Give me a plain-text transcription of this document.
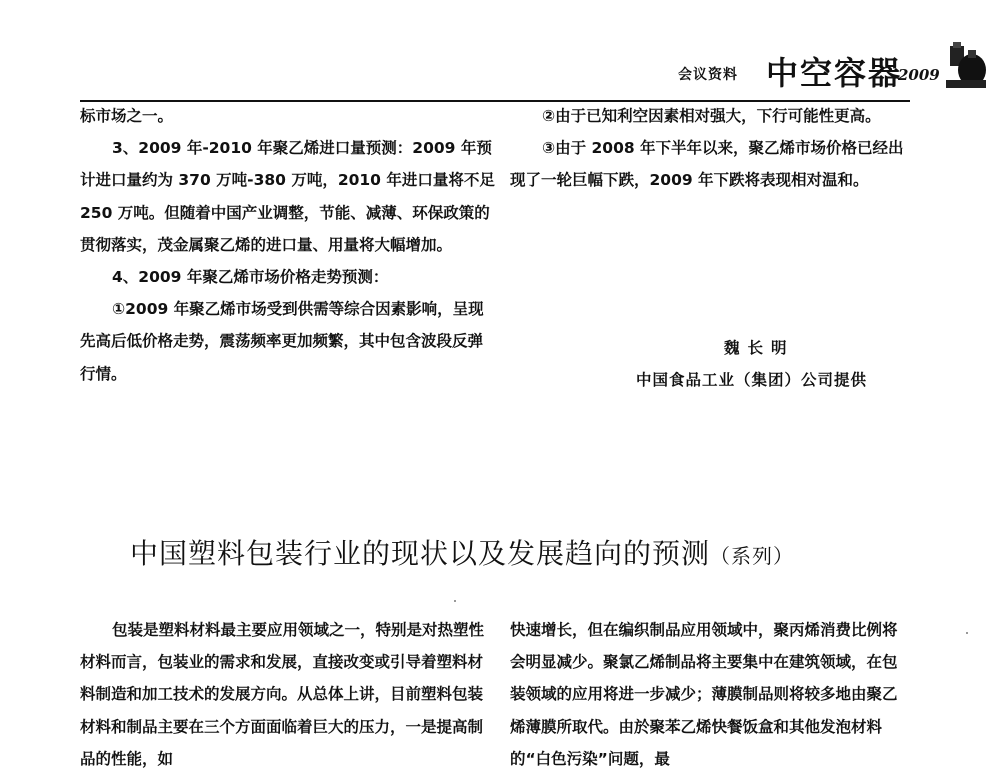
会议资料 中空容器
2009

标市场之一。

3、2009 年-2010 年聚乙烯进口量预测：2009 年预计进口量约为 370 万吨-380 万吨，2010 年进口量将不足 250 万吨。但随着中国产业调整，节能、减薄、环保政策的贯彻落实，茂金属聚乙烯的进口量、用量将大幅增加。

4、2009 年聚乙烯市场价格走势预测：

①2009 年聚乙烯市场受到供需等综合因素影响，呈现先高后低价格走势，震荡频率更加频繁，其中包含波段反弹行情。

②由于已知利空因素相对强大，下行可能性更高。

③由于 2008 年下半年以来，聚乙烯市场价格已经出现了一轮巨幅下跌，2009 年下跌将表现相对温和。

魏长明
中国食品工业（集团）公司提供
中国塑料包装行业的现状以及发展趋向的预测（系列）

包装是塑料材料最主要应用领域之一，特别是对热塑性材料而言，包装业的需求和发展，直接改变或引导着塑料材料制造和加工技术的发展方向。从总体上讲，目前塑料包装材料和制品主要在三个方面面临着巨大的压力，一是提高制品的性能，如

快速增长，但在编织制品应用领域中，聚丙烯消费比例将会明显减少。聚氯乙烯制品将主要集中在建筑领域，在包装领域的应用将进一步减少；薄膜制品则将较多地由聚乙烯薄膜所取代。由於聚苯乙烯快餐饭盒和其他发泡材料的“白色污染”问题，最
